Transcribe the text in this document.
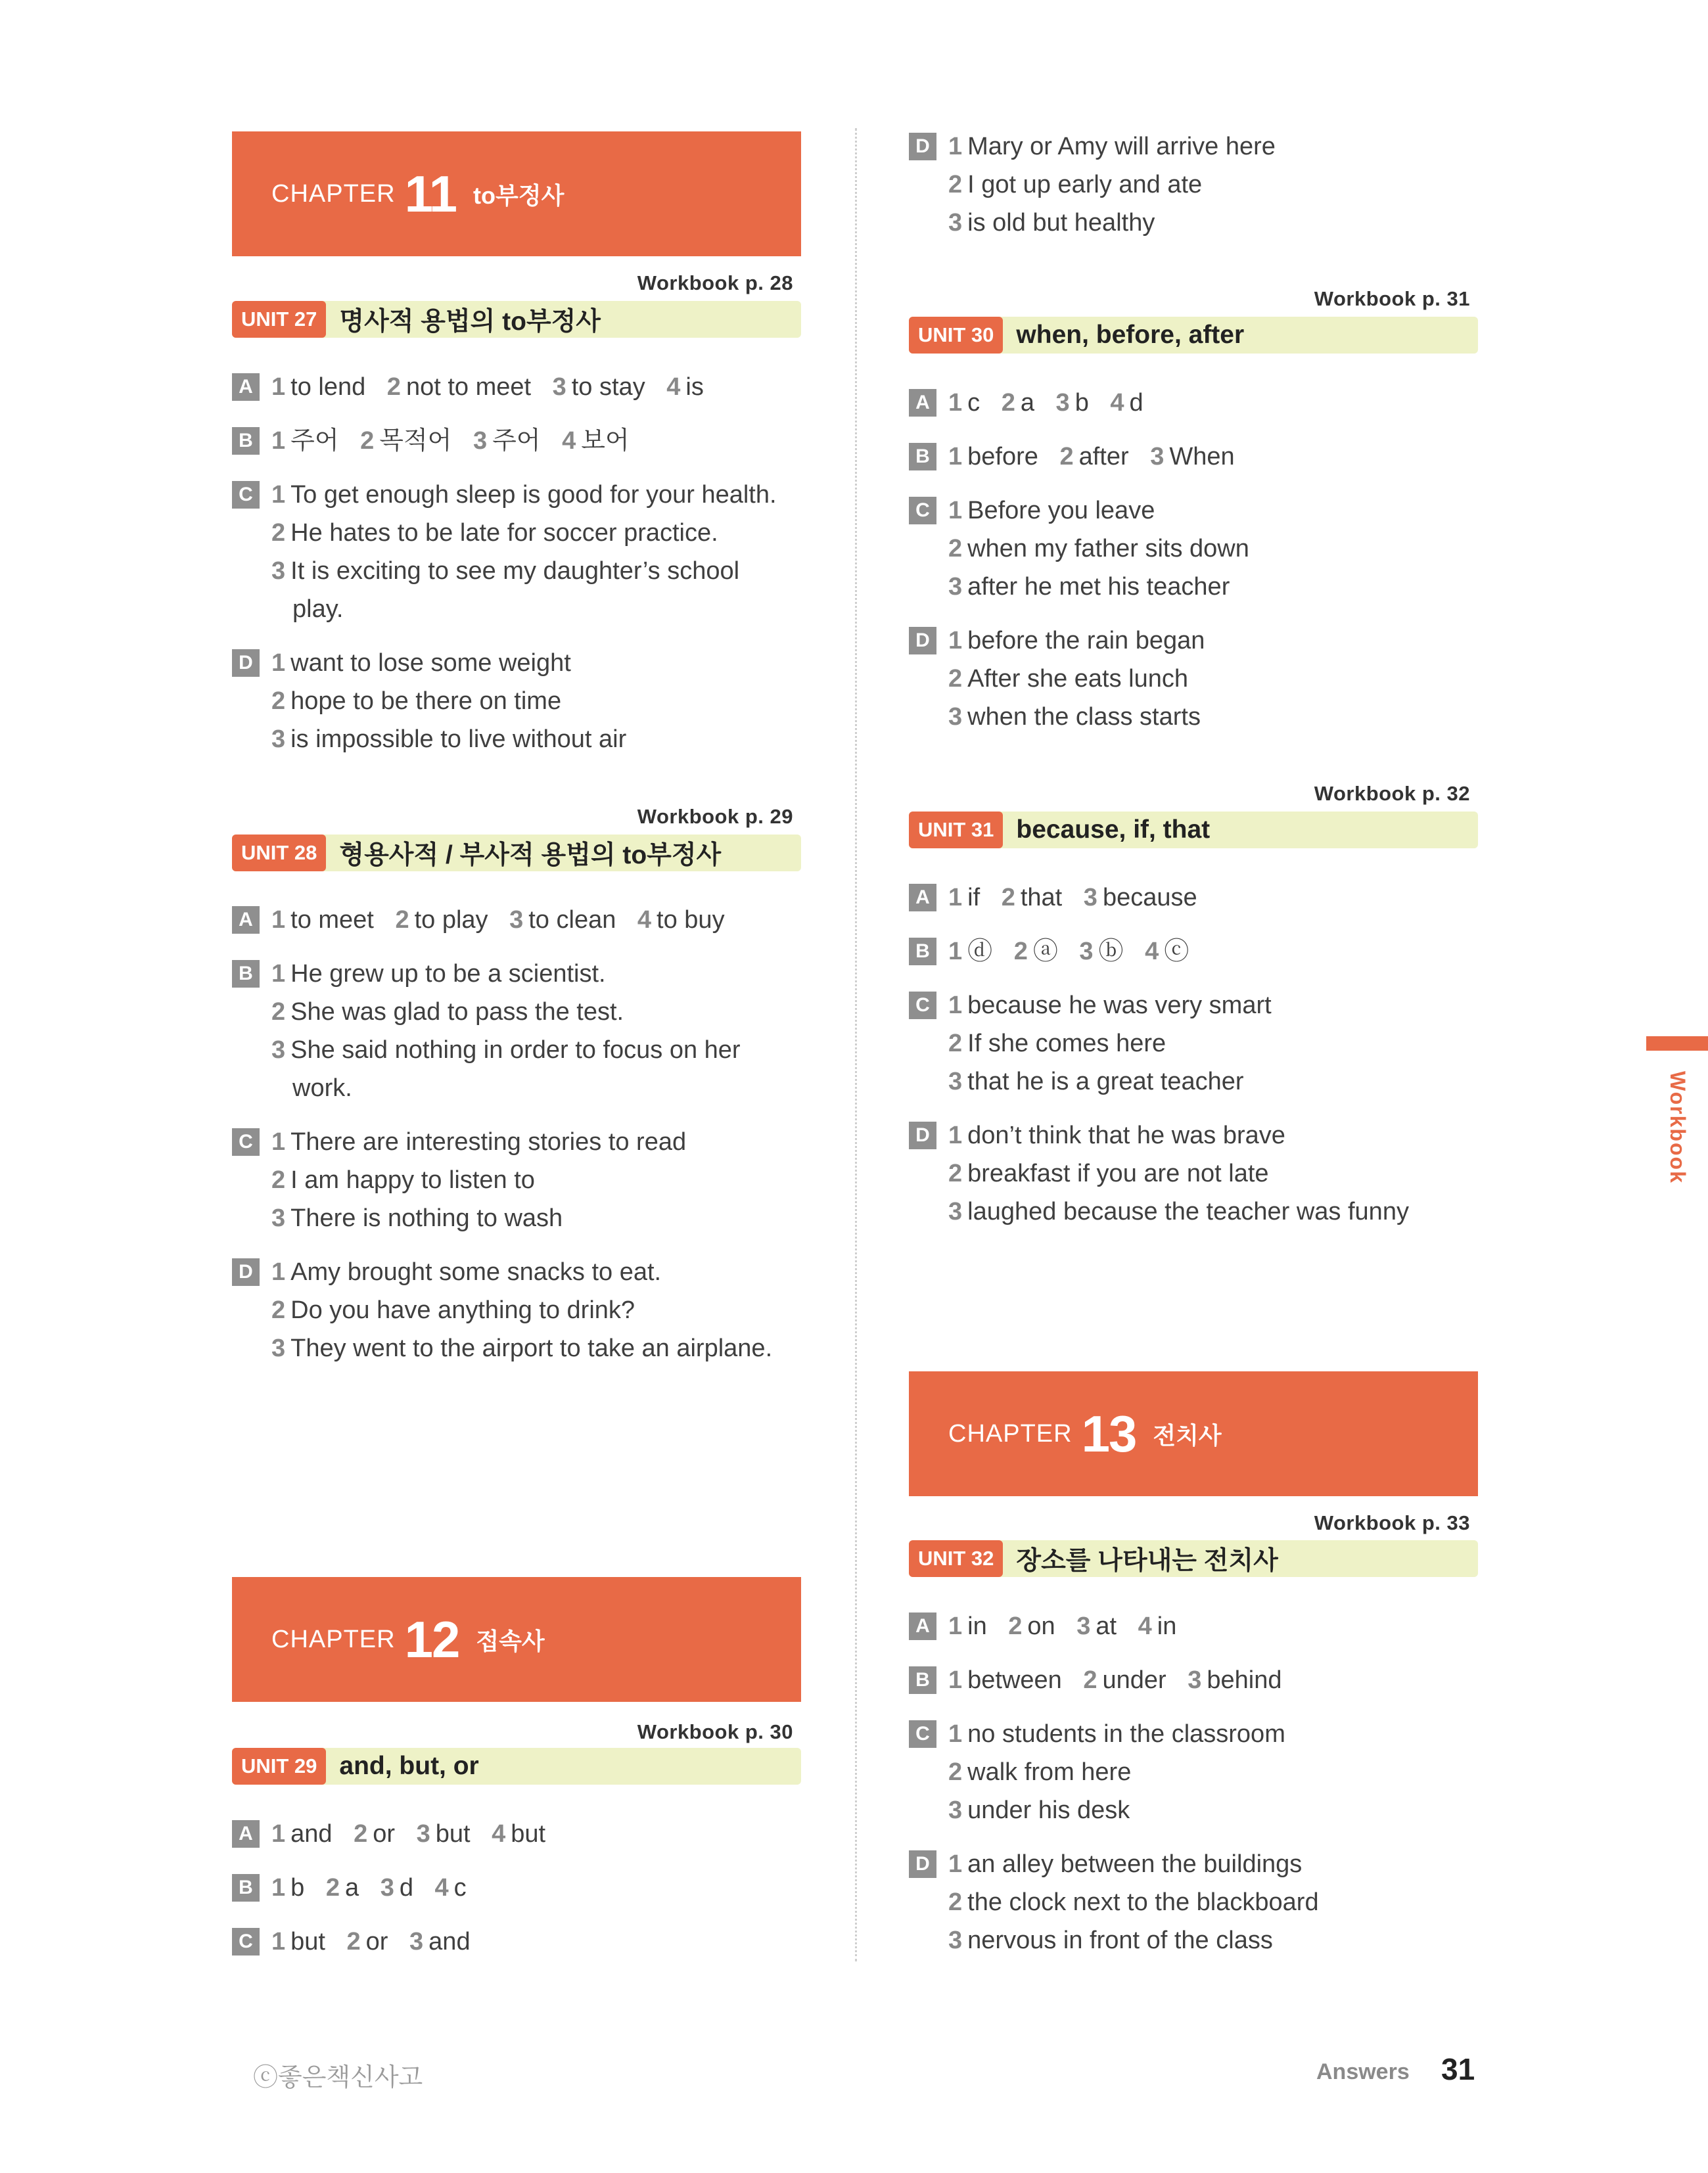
CHAPTER 11 to부정사
Workbook p. 28
UNIT 27 명사적 용법의 to부정사
A 1 to lend 2 not to meet 3 to stay 4 is
B 1 주어 2 목적어 3 주어 4 보어
C 1 To get enough sleep is good for your health.
2 He hates to be late for soccer practice.
3 It is exciting to see my daughter’s school
play.
D 1 want to lose some weight
2 hope to be there on time
3 is impossible to live without air
Workbook p. 29
UNIT 28 형용사적 / 부사적 용법의 to부정사
A 1 to meet 2 to play 3 to clean 4 to buy
B 1 He grew up to be a scientist.
2 She was glad to pass the test.
3 She said nothing in order to focus on her
work.
C 1 There are interesting stories to read
2 I am happy to listen to
3 There is nothing to wash
D 1 Amy brought some snacks to eat.
2 Do you have anything to drink?
3 They went to the airport to take an airplane.
CHAPTER 12 접속사
Workbook p. 30
UNIT 29 and, but, or
A 1 and 2 or 3 but 4 but
B 1 b 2 a 3 d 4 c
C 1 but 2 or 3 and
D 1 Mary or Amy will arrive here
2 I got up early and ate
3 is old but healthy
Workbook p. 31
UNIT 30 when, before, after
A 1 c 2 a 3 b 4 d
B 1 before 2 after 3 When
C 1 Before you leave
2 when my father sits down
3 after he met his teacher
D 1 before the rain began
2 After she eats lunch
3 when the class starts
Workbook p. 32
UNIT 31 because, if, that
A 1 if 2 that 3 because
B 1 ⓓ 2 ⓐ 3 ⓑ 4 ⓒ
C 1 because he was very smart
2 If she comes here
3 that he is a great teacher
D 1 don’t think that he was brave
2 breakfast if you are not late
3 laughed because the teacher was funny
CHAPTER 13 전치사
Workbook p. 33
UNIT 32 장소를 나타내는 전치사
A 1 in 2 on 3 at 4 in
B 1 between 2 under 3 behind
C 1 no students in the classroom
2 walk from here
3 under his desk
D 1 an alley between the buildings
2 the clock next to the blackboard
3 nervous in front of the class
Workbook
ⓒ좋은책신사고	Answers 31
